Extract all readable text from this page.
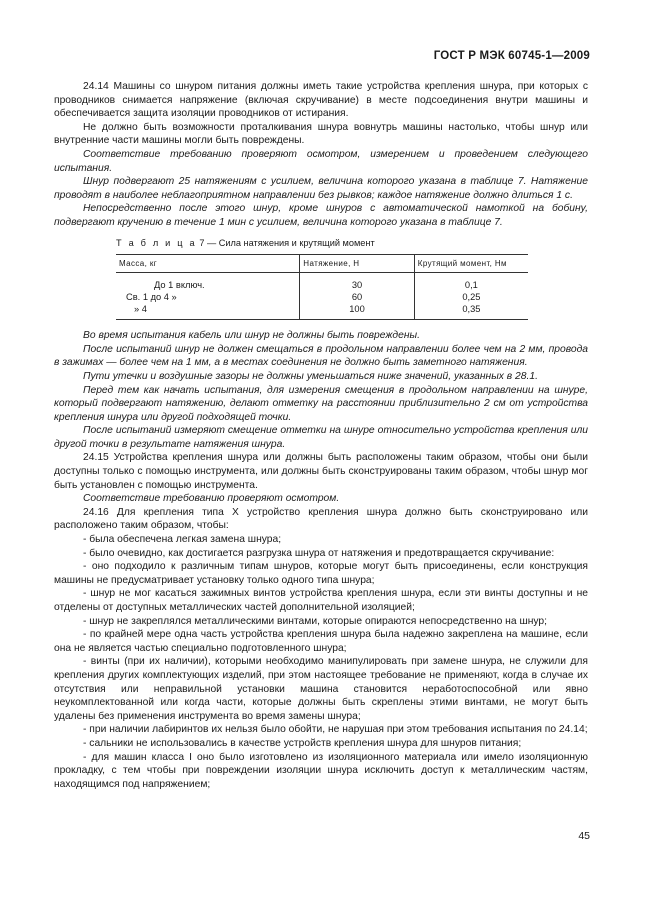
ГОСТ Р МЭК 60745-1—2009

24.14 Машины со шнуром питания должны иметь такие устройства крепления шнура, при которых с проводников снимается напряжение (включая скручивание) в месте подсоединения внутри машины и обеспечивается защита изоляции проводников от истирания.

Не должно быть возможности проталкивания шнура вовнутрь машины настолько, чтобы шнур или внутренние части машины могли быть повреждены.

Соответствие требованию проверяют осмотром, измерением и проведением следующего испытания.

Шнур подвергают 25 натяжениям с усилием, величина которого указана в таблице 7. Натяжение проводят в наиболее неблагоприятном направлении без рывков; каждое натяжение должно длиться 1 с.

Непосредственно после этого шнур, кроме шнуров с автоматической намоткой на бобину, подвергают кручению в течение 1 мин с усилием, величина которого указана в таблице 7.

Т а б л и ц а 7 — Сила натяжения и крутящий момент
Масса, кг	Натяжение, Н	Крутящий момент, Нм
До 1 включ.	30	0,1
Св. 1 до 4 »	60	0,25
» 4	100	0,35

Во время испытания кабель или шнур не должны быть повреждены.

После испытаний шнур не должен смещаться в продольном направлении более чем на 2 мм, провода в зажимах — более чем на 1 мм, а в местах соединения не должно быть заметного натяжения.

Пути утечки и воздушные зазоры не должны уменьшаться ниже значений, указанных в 28.1.

Перед тем как начать испытания, для измерения смещения в продольном направлении на шнуре, который подвергают натяжению, делают отметку на расстоянии приблизительно 2 см от устройства крепления шнура или другой подходящей точки.

После испытаний измеряют смещение отметки на шнуре относительно устройства крепления или другой точки в результате натяжения шнура.

24.15 Устройства крепления шнура или должны быть расположены таким образом, чтобы они были доступны только с помощью инструмента, или должны быть сконструированы таким образом, чтобы шнур мог быть установлен с помощью инструмента.

Соответствие требованию проверяют осмотром.

24.16 Для крепления типа X устройство крепления шнура должно быть сконструировано или расположено таким образом, чтобы:

- была обеспечена легкая замена шнура;

- было очевидно, как достигается разгрузка шнура от натяжения и предотвращается скручивание:

- оно подходило к различным типам шнуров, которые могут быть присоединены, если конструкция машины не предусматривает установку только одного типа шнура;

- шнур не мог касаться зажимных винтов устройства крепления шнура, если эти винты доступны и не отделены от доступных металлических частей дополнительной изоляцией;

- шнур не закреплялся металлическими винтами, которые опираются непосредственно на шнур;

- по крайней мере одна часть устройства крепления шнура была надежно закреплена на машине, если она не является частью специально подготовленного шнура;

- винты (при их наличии), которыми необходимо манипулировать при замене шнура, не служили для крепления других комплектующих изделий, при этом настоящее требование не применяют, когда в случае их отсутствия или неправильной установки машина становится неработоспособной или явно неукомплектованной или когда части, которые должны быть скреплены этими винтами, не могут быть удалены без применения инструмента во время замены шнура;

- при наличии лабиринтов их нельзя было обойти, не нарушая при этом требования испытания по 24.14;

- сальники не использовались в качестве устройств крепления шнура для шнуров питания;

- для машин класса I оно было изготовлено из изоляционного материала или имело изоляционную прокладку, с тем чтобы при повреждении изоляции шнура исключить доступ к металлическим частям, находящимся под напряжением;

45
